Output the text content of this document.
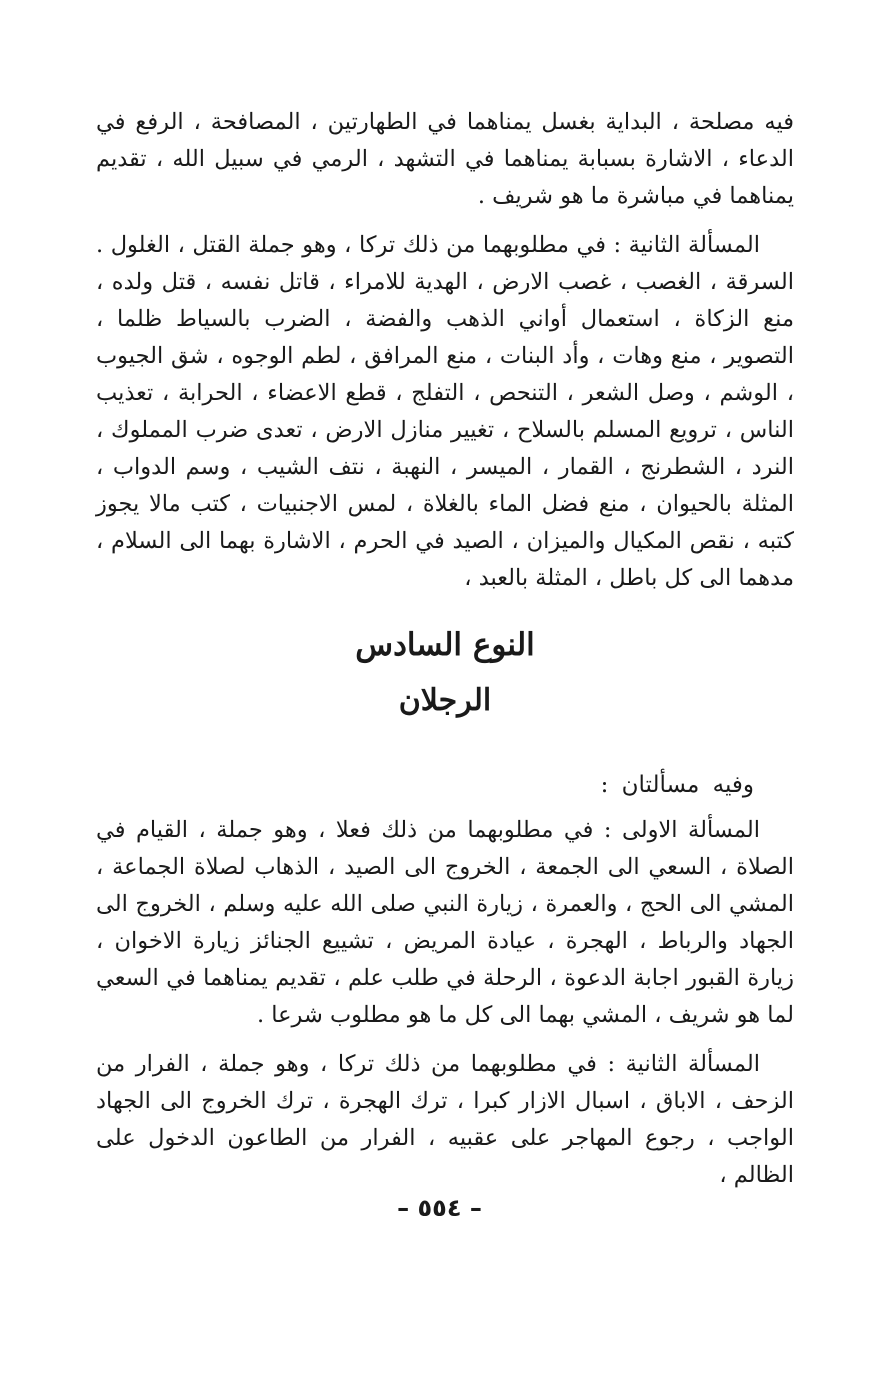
فيه مصلحة ، البداية بغسل يمناهما في الطهارتين ، المصافحة ، الرفع في الدعاء ، الاشارة بسبابة يمناهما في التشهد ، الرمي في سبيل الله ، تقديم يمناهما في مباشرة ما هو شريف .

المسألة الثانية : في مطلوبهما من ذلك تركا ، وهو جملة القتل ، الغلول . السرقة ، الغصب ، غصب الارض ، الهدية للامراء ، قاتل نفسه ، قتل ولده ، منع الزكاة ، استعمال أواني الذهب والفضة ، الضرب بالسياط ظلما ، التصوير ، منع وهات ، وأد البنات ، منع المرافق ، لطم الوجوه ، شق الجيوب ، الوشم ، وصل الشعر ، التنحص ، التفلج ، قطع الاعضاء ، الحرابة ، تعذيب الناس ، ترويع المسلم بالسلاح ، تغيير منازل الارض ، تعدى ضرب المملوك ، النرد ، الشطرنج ، القمار ، الميسر ، النهبة ، نتف الشيب ، وسم الدواب ، المثلة بالحيوان ، منع فضل الماء بالغلاة ، لمس الاجنبيات ، كتب مالا يجوز كتبه ، نقص المكيال والميزان ، الصيد في الحرم ، الاشارة بهما الى السلام ، مدهما الى كل باطل ، المثلة بالعبد ،

النوع السادس
الرجلان

وفيه مسألتان :

المسألة الاولى : في مطلوبهما من ذلك فعلا ، وهو جملة ، القيام في الصلاة ، السعي الى الجمعة ، الخروج الى الصيد ، الذهاب لصلاة الجماعة ، المشي الى الحج ، والعمرة ، زيارة النبي صلى الله عليه وسلم ، الخروج الى الجهاد والرباط ، الهجرة ، عيادة المريض ، تشييع الجنائز زيارة الاخوان ، زيارة القبور اجابة الدعوة ، الرحلة في طلب علم ، تقديم يمناهما في السعي لما هو شريف ، المشي بهما الى كل ما هو مطلوب شرعا .

المسألة الثانية : في مطلوبهما من ذلك تركا ، وهو جملة ، الفرار من الزحف ، الاباق ، اسبال الازار كبرا ، ترك الهجرة ، ترك الخروج الى الجهاد الواجب ، رجوع المهاجر على عقبيه ، الفرار من الطاعون الدخول على الظالم ،

– ٥٥٤ –
